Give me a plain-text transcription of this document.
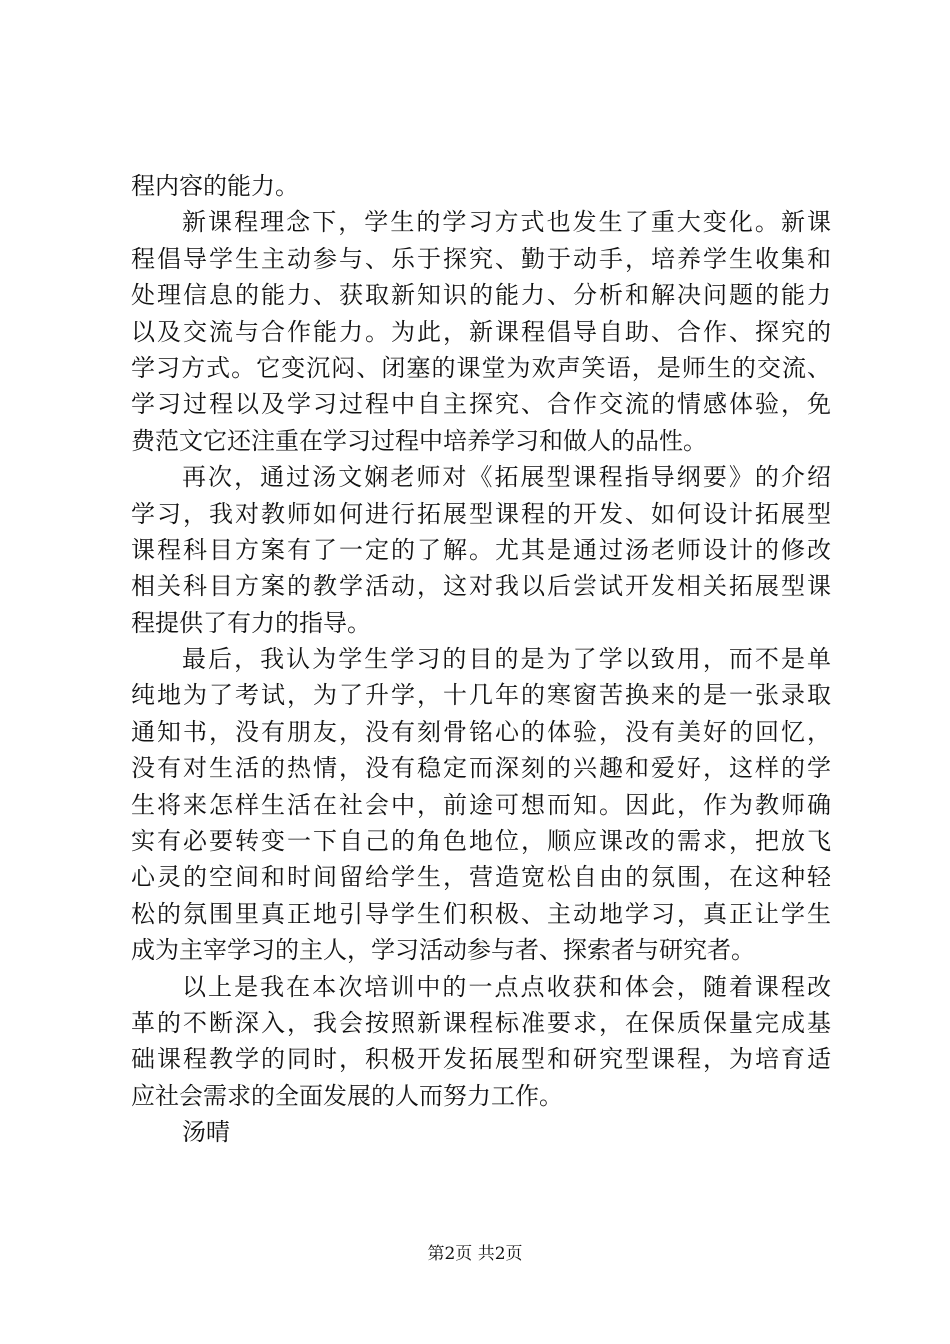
程内容的能力。
新课程理念下，学生的学习方式也发生了重大变化。新课
程倡导学生主动参与、乐于探究、勤于动手，培养学生收集和
处理信息的能力、获取新知识的能力、分析和解决问题的能力
以及交流与合作能力。为此，新课程倡导自助、合作、探究的
学习方式。它变沉闷、闭塞的课堂为欢声笑语，是师生的交流、
学习过程以及学习过程中自主探究、合作交流的情感体验，免
费范文它还注重在学习过程中培养学习和做人的品性。
再次，通过汤文娴老师对《拓展型课程指导纲要》的介绍
学习，我对教师如何进行拓展型课程的开发、如何设计拓展型
课程科目方案有了一定的了解。尤其是通过汤老师设计的修改
相关科目方案的教学活动，这对我以后尝试开发相关拓展型课
程提供了有力的指导。
最后，我认为学生学习的目的是为了学以致用，而不是单
纯地为了考试，为了升学，十几年的寒窗苦换来的是一张录取
通知书，没有朋友，没有刻骨铭心的体验，没有美好的回忆，
没有对生活的热情，没有稳定而深刻的兴趣和爱好，这样的学
生将来怎样生活在社会中，前途可想而知。因此，作为教师确
实有必要转变一下自己的角色地位，顺应课改的需求，把放飞
心灵的空间和时间留给学生，营造宽松自由的氛围，在这种轻
松的氛围里真正地引导学生们积极、主动地学习，真正让学生
成为主宰学习的主人，学习活动参与者、探索者与研究者。
以上是我在本次培训中的一点点收获和体会，随着课程改
革的不断深入，我会按照新课程标准要求，在保质保量完成基
础课程教学的同时，积极开发拓展型和研究型课程，为培育适
应社会需求的全面发展的人而努力工作。
汤晴
第2页 共2页
